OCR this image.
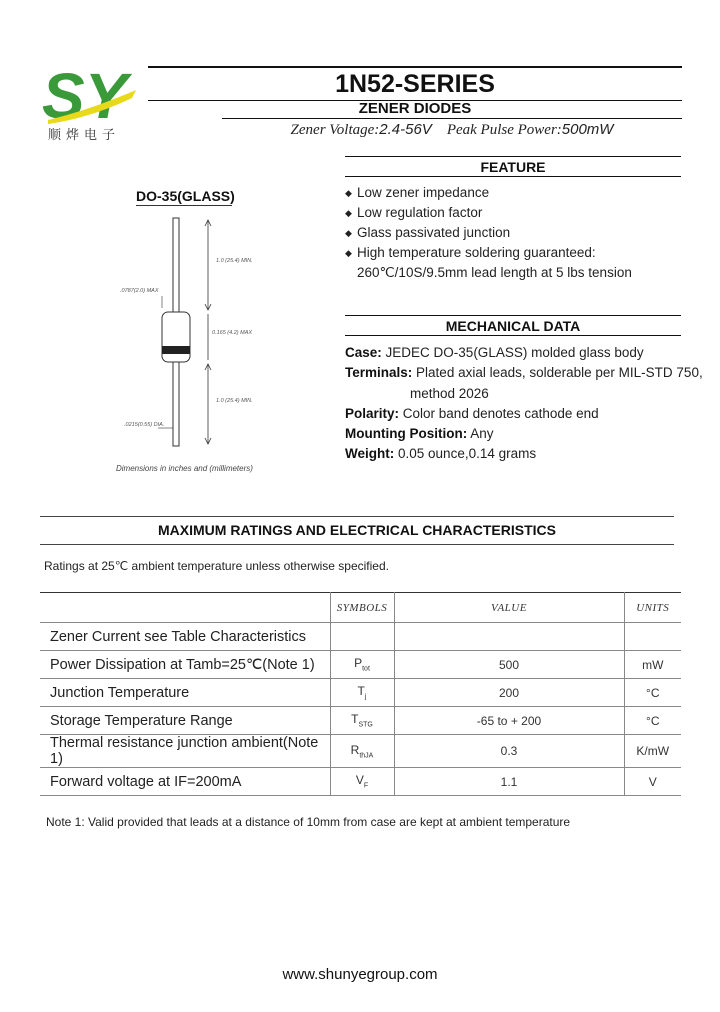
SY
顺烨电子
1N52-SERIES
ZENER DIODES
Zener Voltage:2.4-56V Peak Pulse Power:500mW
DO-35(GLASS)
1.0 (25.4) MIN.
0.165 (4.2) MAX
1.0 (25.4) MIN.
.0787(2.0) MAX
.0215(0.55) DIA.
Dimensions in inches and (millimeters)
FEATURE
◆ Low zener impedance
◆ Low regulation factor
◆ Glass passivated junction
◆ High temperature soldering guaranteed:
260℃/10S/9.5mm lead length at 5 lbs tension
MECHANICAL DATA
Case: JEDEC DO-35(GLASS) molded glass body
Terminals: Plated axial leads, solderable per MIL-STD 750,
method 2026
Polarity: Color band denotes cathode end
Mounting Position: Any
Weight: 0.05 ounce,0.14 grams
MAXIMUM RATINGS AND ELECTRICAL CHARACTERISTICS
Ratings at 25℃ ambient temperature unless otherwise specified.
	SYMBOLS	VALUE	UNITS
Zener Current see Table Characteristics			
Power Dissipation at Tamb=25℃(Note 1)	$P_{tot}$	500	mW
Junction Temperature	$T_j$	200	°C
Storage Temperature Range	$T_{STG}$	-65 to + 200	°C
Thermal resistance junction ambient(Note 1)	$R_{thJA}$	0.3	K/mW
Forward voltage at IF=200mA	$V_F$	1.1	V
Note 1: Valid provided that leads at a distance of 10mm from case are kept at ambient temperature
www.shunyegroup.com
